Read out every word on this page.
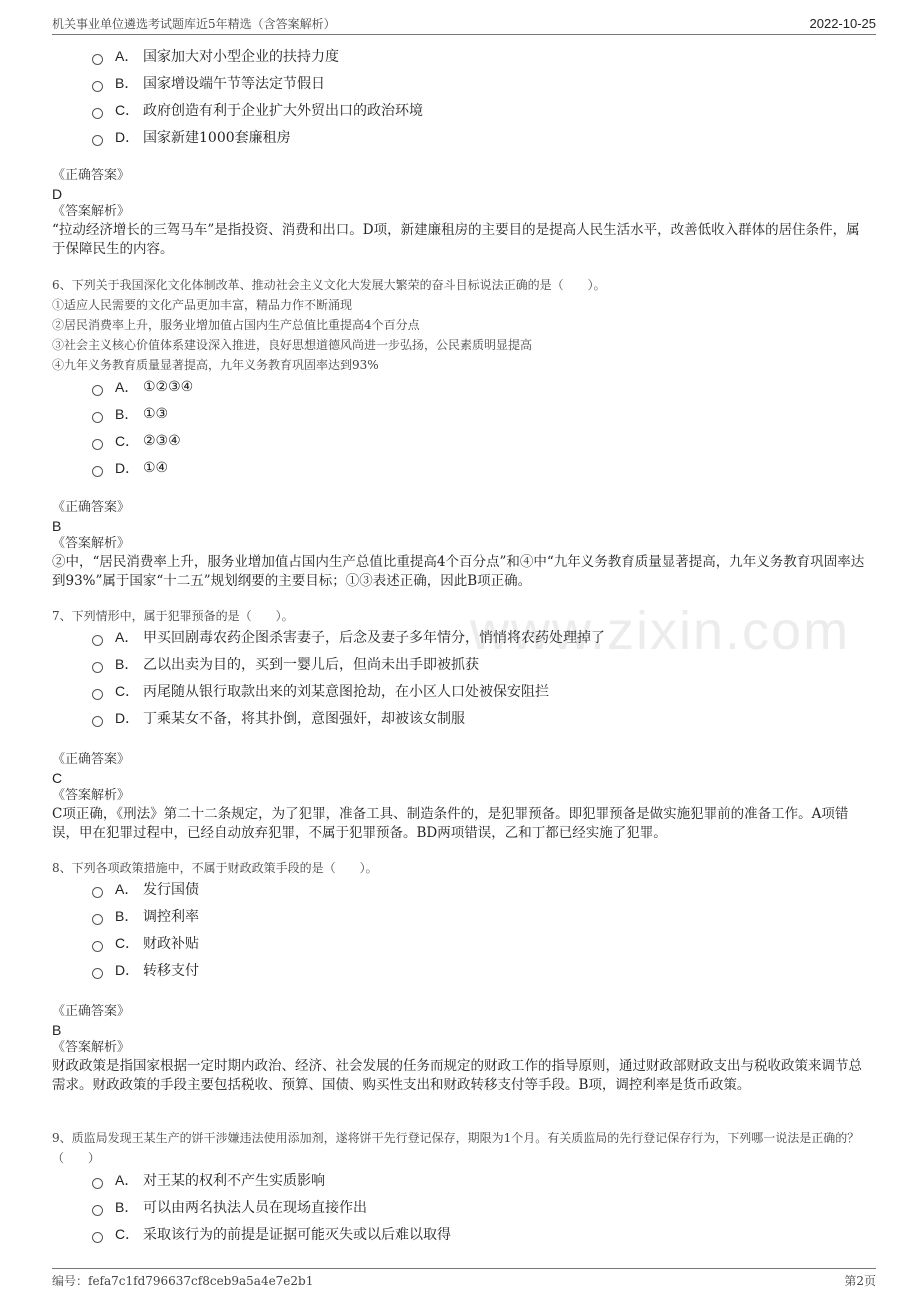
机关事业单位遴选考试题库近5年精选（含答案解析）	2022-10-25
www.zixin.com
A． 国家加大对小型企业的扶持力度
B． 国家增设端午节等法定节假日
C． 政府创造有利于企业扩大外贸出口的政治环境
D． 国家新建1000套廉租房
《正确答案》
D
《答案解析》
“拉动经济增长的三驾马车”是指投资、消费和出口。D项，新建廉租房的主要目的是提高人民生活水平，改善低收入群体的居住条件，属于保障民生的内容。
6、下列关于我国深化文化体制改革、推动社会主义文化大发展大繁荣的奋斗目标说法正确的是（　　）。
①适应人民需要的文化产品更加丰富，精品力作不断涌现
②居民消费率上升，服务业增加值占国内生产总值比重提高4个百分点
③社会主义核心价值体系建设深入推进，良好思想道德风尚进一步弘扬，公民素质明显提高
④九年义务教育质量显著提高，九年义务教育巩固率达到93%
A． ①②③④
B． ①③
C． ②③④
D． ①④
《正确答案》
B
《答案解析》
②中，“居民消费率上升，服务业增加值占国内生产总值比重提高4个百分点”和④中“九年义务教育质量显著提高，九年义务教育巩固率达到93%”属于国家“十二五”规划纲要的主要目标；①③表述正确，因此B项正确。
7、下列情形中，属于犯罪预备的是（　　）。
A． 甲买回剧毒农药企图杀害妻子，后念及妻子多年情分，悄悄将农药处理掉了
B． 乙以出卖为目的，买到一婴儿后，但尚未出手即被抓获
C． 丙尾随从银行取款出来的刘某意图抢劫，在小区人口处被保安阻拦
D． 丁乘某女不备，将其扑倒，意图强奸，却被该女制服
《正确答案》
C
《答案解析》
C项正确，《刑法》第二十二条规定，为了犯罪，准备工具、制造条件的，是犯罪预备。即犯罪预备是做实施犯罪前的准备工作。A项错误，甲在犯罪过程中，已经自动放弃犯罪，不属于犯罪预备。BD两项错误，乙和丁都已经实施了犯罪。
8、下列各项政策措施中，不属于财政政策手段的是（　　）。
A． 发行国债
B． 调控利率
C． 财政补贴
D． 转移支付
《正确答案》
B
《答案解析》
财政政策是指国家根据一定时期内政治、经济、社会发展的任务而规定的财政工作的指导原则，通过财政部财政支出与税收政策来调节总需求。财政政策的手段主要包括税收、预算、国债、购买性支出和财政转移支付等手段。B项，调控利率是货币政策。
9、质监局发现王某生产的饼干涉嫌违法使用添加剂，遂将饼干先行登记保存，期限为1个月。有关质监局的先行登记保存行为，下列哪一说法是正确的？（　　）
A． 对王某的权利不产生实质影响
B． 可以由两名执法人员在现场直接作出
C． 采取该行为的前提是证据可能灭失或以后难以取得
编号：fefa7c1fd796637cf8ceb9a5a4e7e2b1	第2页
